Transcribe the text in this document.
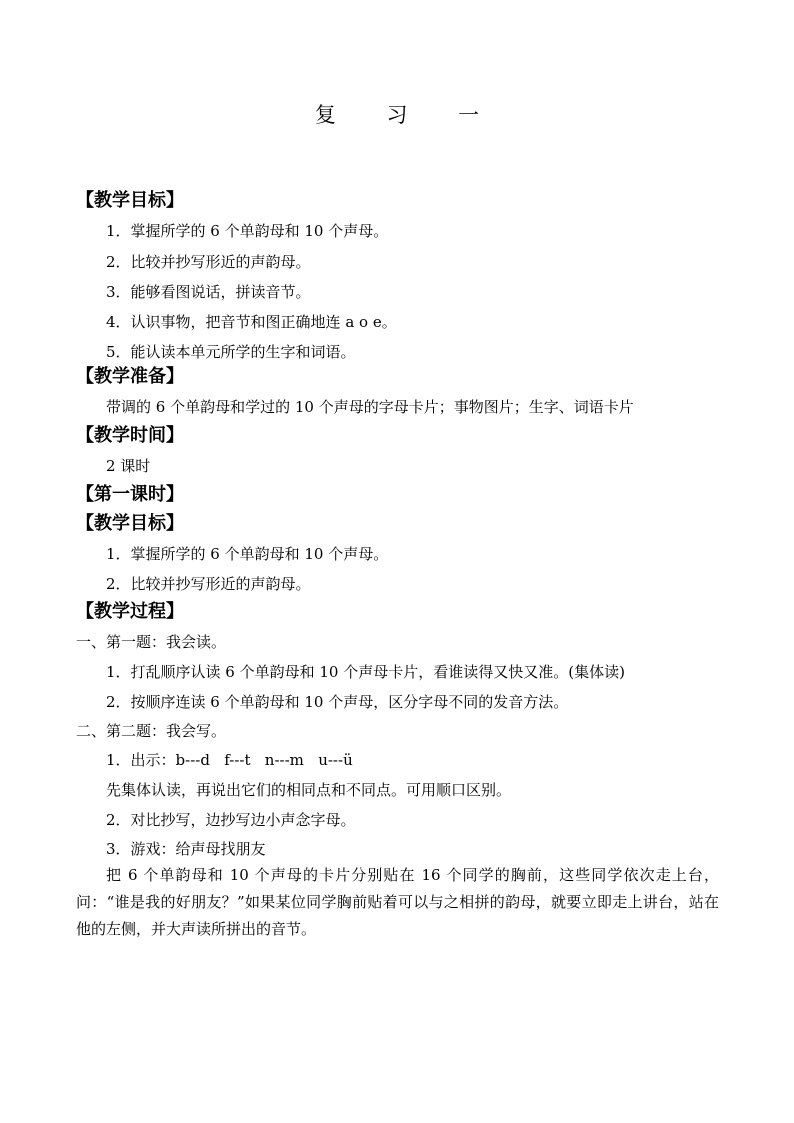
复 习 一
【教学目标】
1．掌握所学的 6 个单韵母和 10 个声母。
2．比较并抄写形近的声韵母。
3．能够看图说话，拼读音节。
4．认识事物，把音节和图正确地连 a o e。
5．能认读本单元所学的生字和词语。
【教学准备】
带调的 6 个单韵母和学过的 10 个声母的字母卡片；事物图片；生字、词语卡片
【教学时间】
2 课时
【第一课时】
【教学目标】
1．掌握所学的 6 个单韵母和 10 个声母。
2．比较并抄写形近的声韵母。
【教学过程】
一、第一题：我会读。
1．打乱顺序认读 6 个单韵母和 10 个声母卡片，看谁读得又快又准。(集体读)
2．按顺序连读 6 个单韵母和 10 个声母，区分字母不同的发音方法。
二、第二题：我会写。
1．出示：b---d   f---t   n---m   u---ü
先集体认读，再说出它们的相同点和不同点。可用顺口区别。
2．对比抄写，边抄写边小声念字母。
3．游戏：给声母找朋友
把 6 个单韵母和 10 个声母的卡片分别贴在 16 个同学的胸前，这些同学依次走上台，问：“谁是我的好朋友？”如果某位同学胸前贴着可以与之相拼的韵母，就要立即走上讲台，站在他的左侧，并大声读所拼出的音节。
